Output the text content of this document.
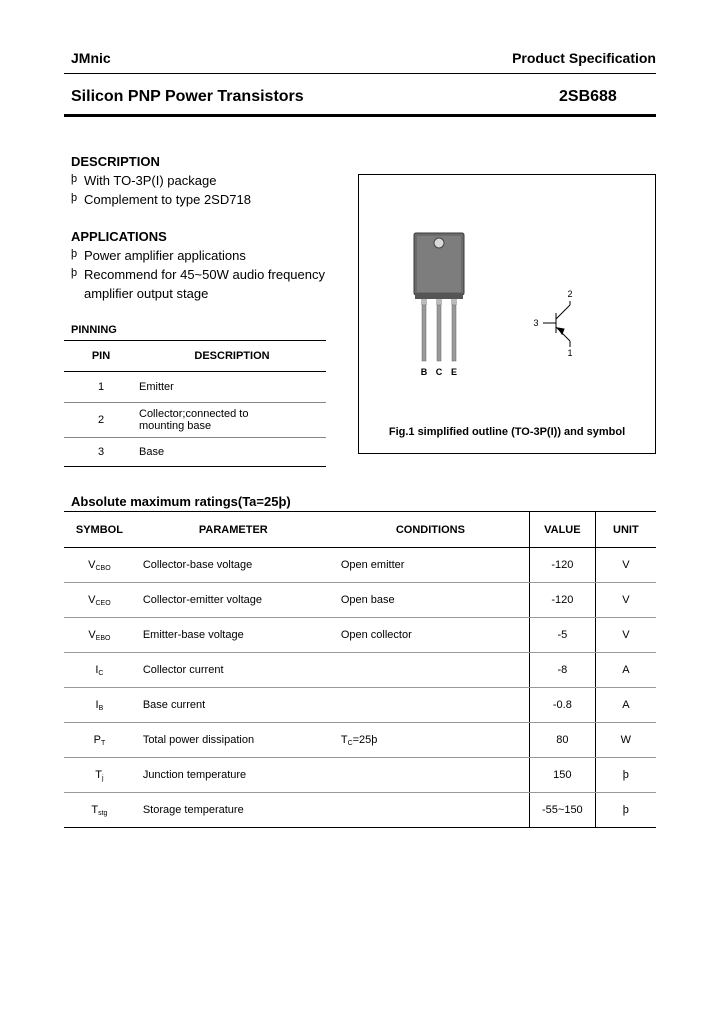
JMnic	Product Specification
Silicon PNP Power Transistors	2SB688
DESCRIPTION
þ With TO-3P(I) package
þ Complement to type 2SD718
APPLICATIONS
þ Power amplifier applications
þ Recommend for 45~50W audio frequency
amplifier output stage
PINNING
PIN	DESCRIPTION
1	Emitter
2	Collector;connected to
mounting base

3	Base
B C E
2
3
1
Fig.1 simplified outline (TO-3P(I)) and symbol
Absolute maximum ratings(Ta=25þ)
SYMBOL	PARAMETER	CONDITIONS	VALUE	UNIT
$V_{CBO}$	Collector-base voltage	Open emitter	-120	V
$V_{CEO}$	Collector-emitter voltage	Open base	-120	V
$V_{EBO}$	Emitter-base voltage	Open collector	-5	V
$I_C$	Collector current		-8	A
$I_B$	Base current		-0.8	A
$P_T$	Total power dissipation	$T_C=25þ$	80	W
$T_j$	Junction temperature		150	þ
$T_{stg}$	Storage temperature		-55~150	þ
